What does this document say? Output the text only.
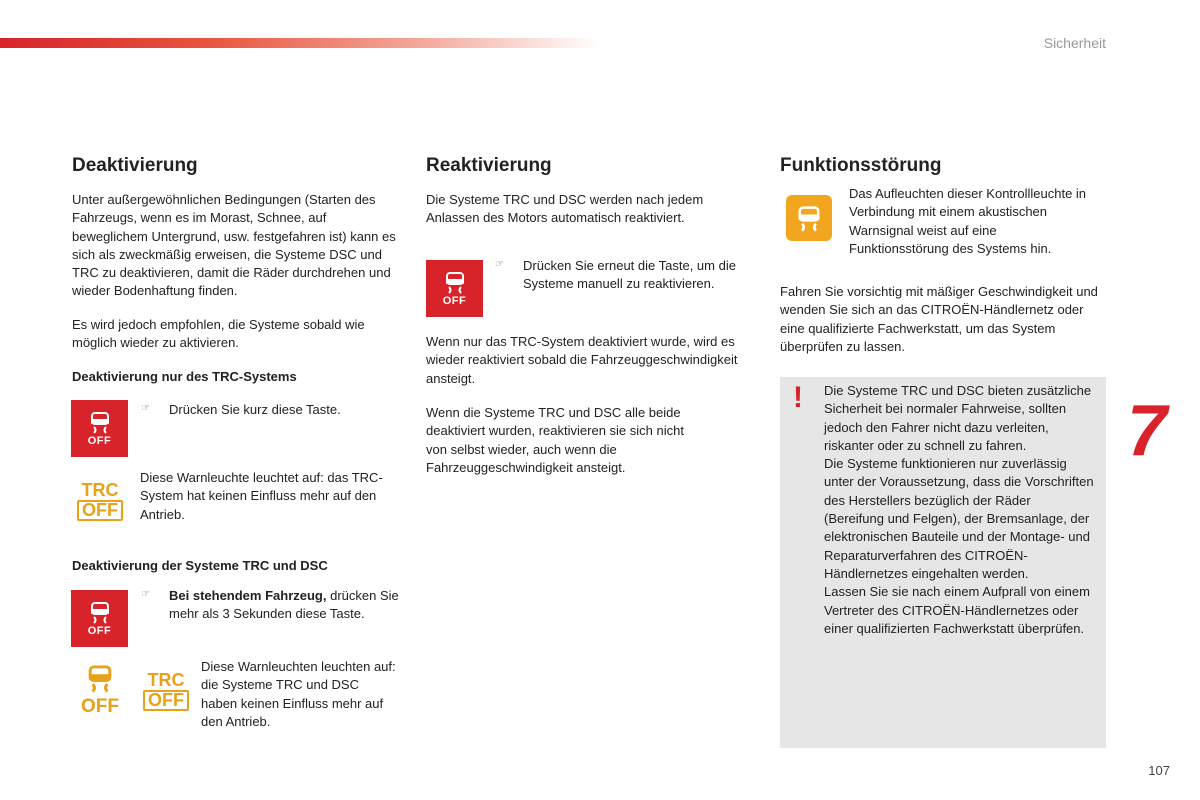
Sicherheit
Deaktivierung

Unter außergewöhnlichen Bedingungen (Starten des Fahrzeugs, wenn es im Morast, Schnee, auf beweglichem Untergrund, usw. festgefahren ist) kann es sich als zweckmäßig erweisen, die Systeme DSC und TRC zu deaktivieren, damit die Räder durchdrehen und wieder Bodenhaftung finden.

Es wird jedoch empfohlen, die Systeme sobald wie möglich wieder zu aktivieren.

Deaktivierung nur des TRC-Systems

OFF
☞ Drücken Sie kurz diese Taste.

TRC
OFF

Diese Warnleuchte leuchtet auf: das TRC-System hat keinen Einfluss mehr auf den Antrieb.

Deaktivierung der Systeme TRC und DSC

OFF
☞ Bei stehendem Fahrzeug, drücken Sie mehr als 3 Sekunden diese Taste.

OFF
TRC
OFF

Diese Warnleuchten leuchten auf: die Systeme TRC und DSC haben keinen Einfluss mehr auf den Antrieb.

Reaktivierung

Die Systeme TRC und DSC werden nach jedem Anlassen des Motors automatisch reaktiviert.

OFF
☞ Drücken Sie erneut die Taste, um die Systeme manuell zu reaktivieren.

Wenn nur das TRC-System deaktiviert wurde, wird es wieder reaktiviert sobald die Fahrzeuggeschwindigkeit ansteigt.

Wenn die Systeme TRC und DSC alle beide deaktiviert wurden, reaktivieren sie sich nicht von selbst wieder, auch wenn die Fahrzeuggeschwindigkeit ansteigt.

Funktionsstörung

Das Aufleuchten dieser Kontrollleuchte in Verbindung mit einem akustischen Warnsignal weist auf eine Funktionsstörung des Systems hin.

Fahren Sie vorsichtig mit mäßiger Geschwindigkeit und wenden Sie sich an das CITROËN-Händlernetz oder eine qualifizierte Fachwerkstatt, um das System überprüfen zu lassen.

! Die Systeme TRC und DSC bieten zusätzliche Sicherheit bei normaler Fahrweise, sollten jedoch den Fahrer nicht dazu verleiten, riskanter oder zu schnell zu fahren.

Die Systeme funktionieren nur zuverlässig unter der Voraussetzung, dass die Vorschriften des Herstellers bezüglich der Räder (Bereifung und Felgen), der Bremsanlage, der elektronischen Bauteile und der Montage- und Reparaturverfahren des CITROËN-Händlernetzes eingehalten werden.

Lassen Sie sie nach einem Aufprall von einem Vertreter des CITROËN-Händlernetzes oder einer qualifizierten Fachwerkstatt überprüfen.

7
107
